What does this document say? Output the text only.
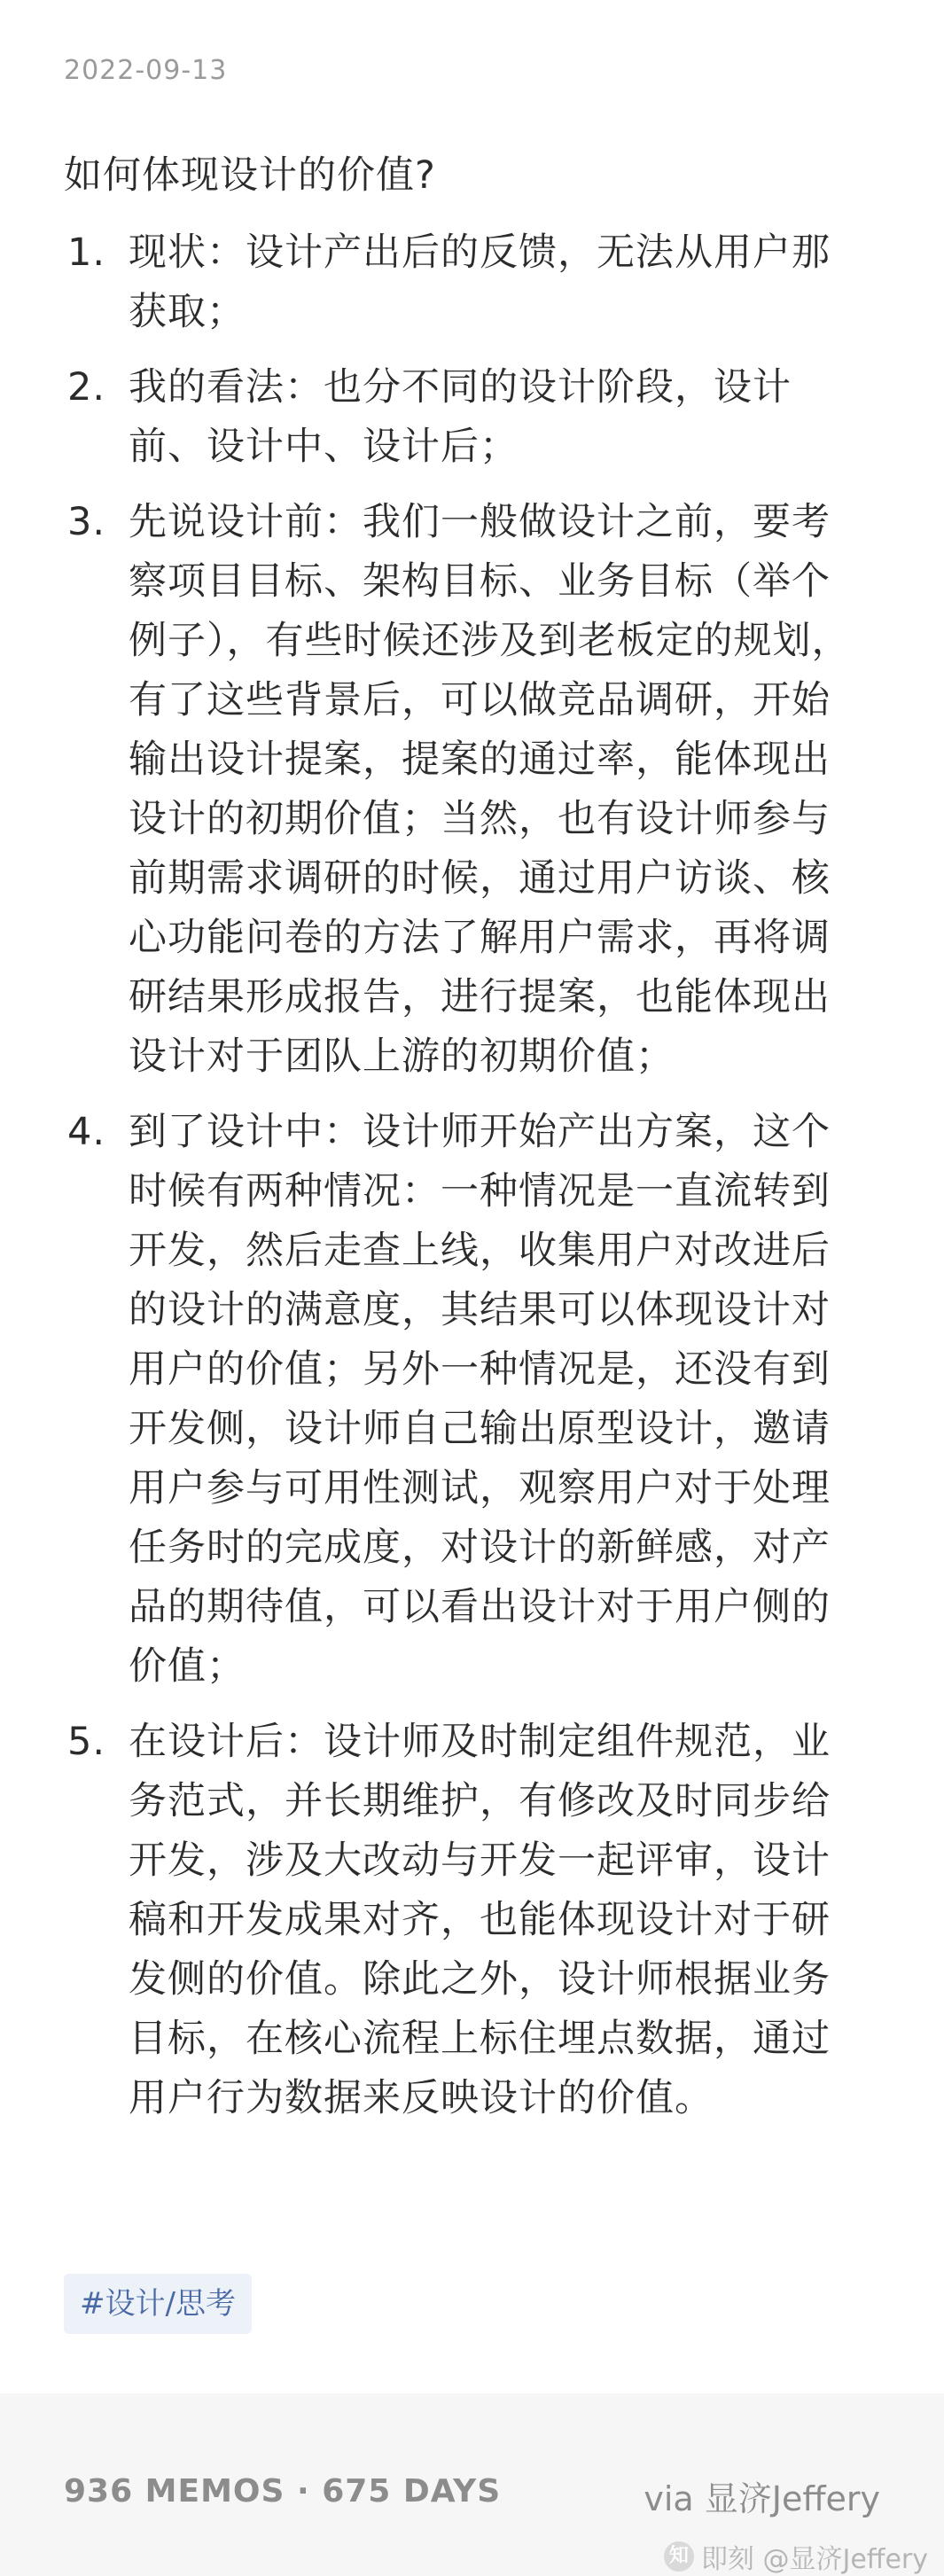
2022-09-13
如何体现设计的价值?
1. 现状：设计产出后的反馈，无法从用户那获取；
2. 我的看法：也分不同的设计阶段，设计前、设计中、设计后；
3. 先说设计前：我们一般做设计之前，要考察项目目标、架构目标、业务目标（举个例子），有些时候还涉及到老板定的规划，有了这些背景后，可以做竞品调研，开始输出设计提案，提案的通过率，能体现出设计的初期价值；当然，也有设计师参与前期需求调研的时候，通过用户访谈、核心功能问卷的方法了解用户需求，再将调研结果形成报告，进行提案，也能体现出设计对于团队上游的初期价值；
4. 到了设计中：设计师开始产出方案，这个时候有两种情况：一种情况是一直流转到开发，然后走查上线，收集用户对改进后的设计的满意度，其结果可以体现设计对用户的价值；另外一种情况是，还没有到开发侧，设计师自己输出原型设计，邀请用户参与可用性测试，观察用户对于处理任务时的完成度，对设计的新鲜感，对产品的期待值，可以看出设计对于用户侧的价值；
5. 在设计后：设计师及时制定组件规范，业务范式，并长期维护，有修改及时同步给开发，涉及大改动与开发一起评审，设计稿和开发成果对齐，也能体现设计对于研发侧的价值。除此之外，设计师根据业务目标，在核心流程上标住埋点数据，通过用户行为数据来反映设计的价值。
#设计/思考
936 MEMOS · 675 DAYS	via 显济Jeffery
知 即刻 @显济Jeffery
